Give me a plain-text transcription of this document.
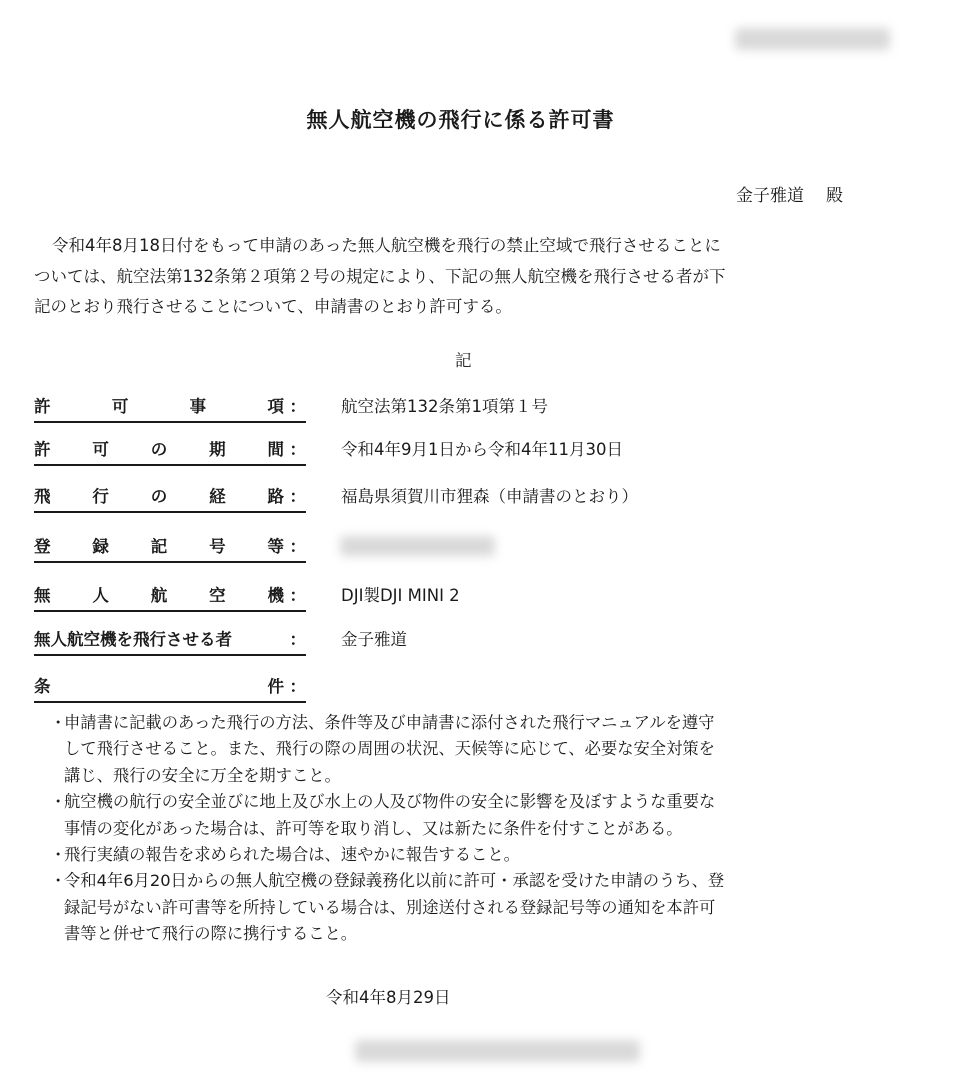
無人航空機の飛行に係る許可書
金子雅道 殿

令和4年8月18日付をもって申請のあった無人航空機を飛行の禁止空域で飛行させることに
ついては、航空法第132条第２項第２号の規定により、下記の無人航空機を飛行させる者が下
記のとおり飛行させることについて、申請書のとおり許可する。

記
許可事項 ： 航空法第132条第1項第１号
許可の期間 ： 令和4年9月1日から令和4年11月30日
飛行の経路 ： 福島県須賀川市狸森（申請書のとおり）
登録記号等 ：
無人航空機 ： DJI製DJI MINI 2
無人航空機を飛行させる者	： 金子雅道
条件 ：
・
申請書に記載のあった飛行の方法、条件等及び申請書に添付された飛行マニュアルを遵守
して飛行させること。また、飛行の際の周囲の状況、天候等に応じて、必要な安全対策を
講じ、飛行の安全に万全を期すこと。
・
航空機の航行の安全並びに地上及び水上の人及び物件の安全に影響を及ぼすような重要な
事情の変化があった場合は、許可等を取り消し、又は新たに条件を付すことがある。
・
飛行実績の報告を求められた場合は、速やかに報告すること。
・
令和4年6月20日からの無人航空機の登録義務化以前に許可・承認を受けた申請のうち、登
録記号がない許可書等を所持している場合は、別途送付される登録記号等の通知を本許可
書等と併せて飛行の際に携行すること。
令和4年8月29日
